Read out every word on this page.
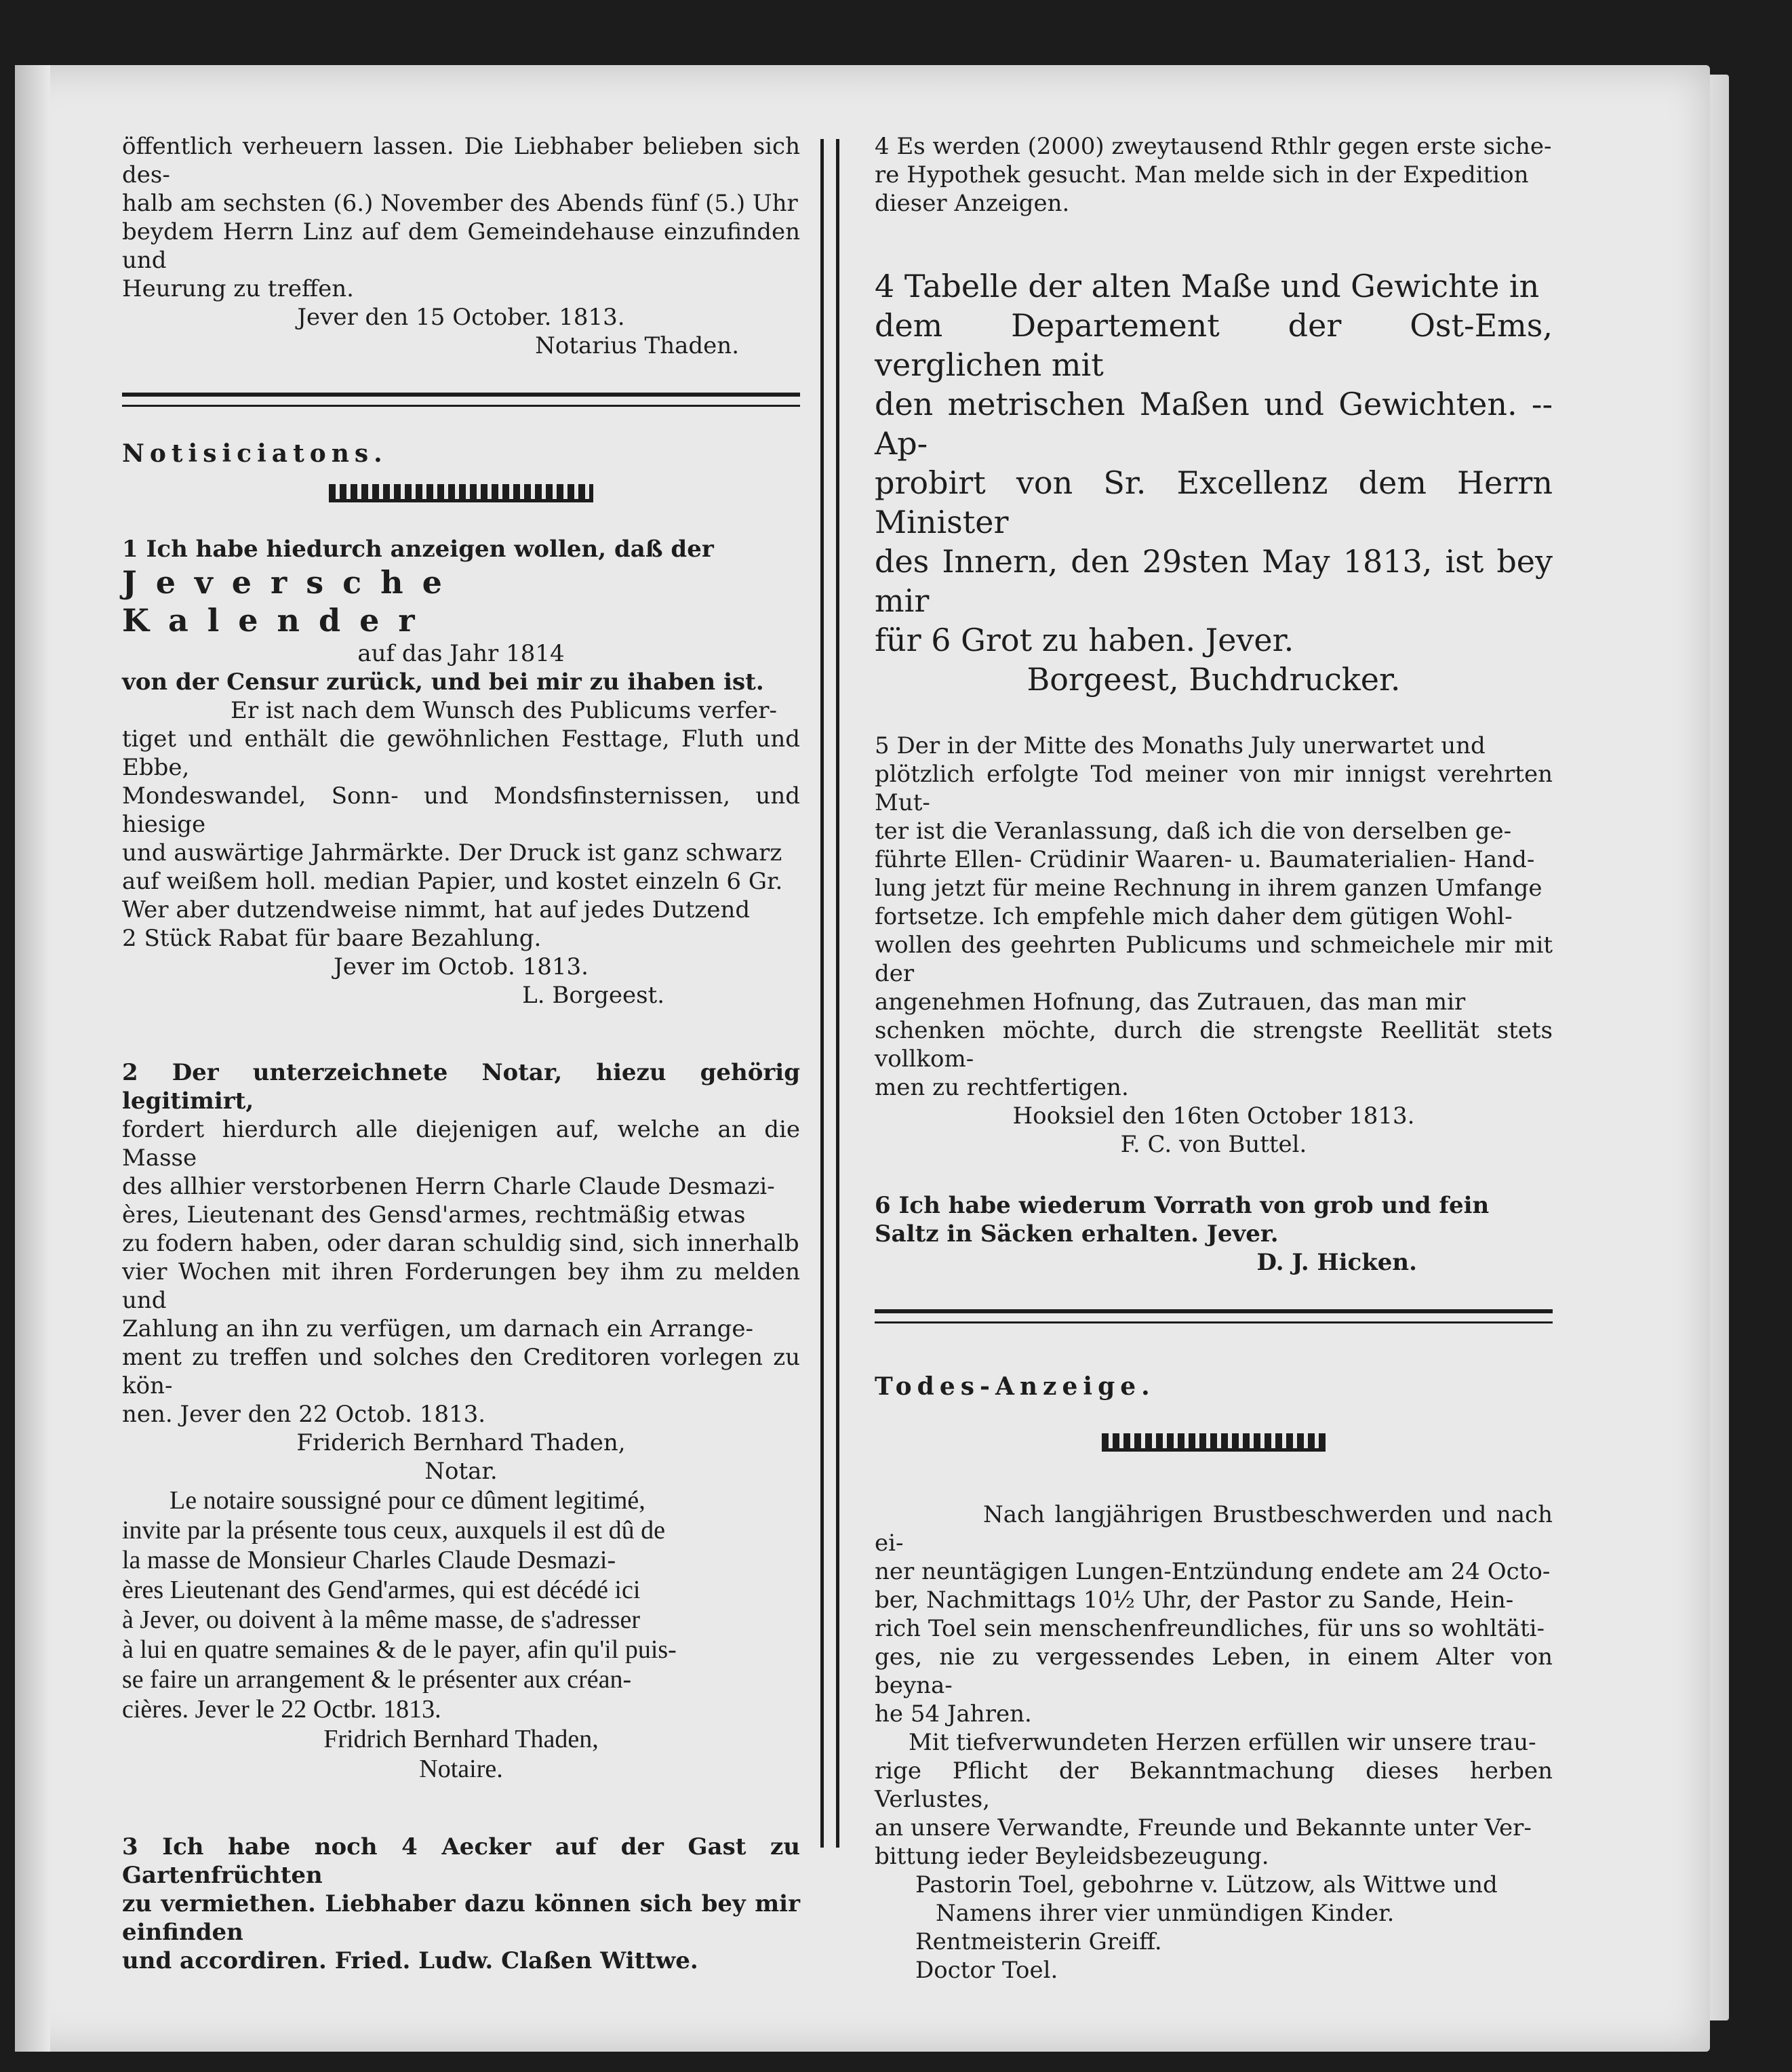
öffentlich verheuern lassen. Die Liebhaber belieben sich des-

halb am sechsten (6.) November des Abends fünf (5.) Uhr

beydem Herrn Linz auf dem Gemeindehause einzufinden und

Heurung zu treffen.

Jever den 15 October. 1813.

Notarius Thaden.

Notisiciatons.

1 Ich habe hiedurch anzeigen wollen, daß der

Jeversche Kalender

auf das Jahr 1814

von der Censur zurück, und bei mir zu ihaben ist.

Er ist nach dem Wunsch des Publicums verfer-

tiget und enthält die gewöhnlichen Festtage, Fluth und Ebbe,

Mondeswandel, Sonn- und Mondsfinsternissen, und hiesige

und auswärtige Jahrmärkte. Der Druck ist ganz schwarz

auf weißem holl. median Papier, und kostet einzeln 6 Gr.

Wer aber dutzendweise nimmt, hat auf jedes Dutzend

2 Stück Rabat für baare Bezahlung.

Jever im Octob. 1813.

L. Borgeest.

2 Der unterzeichnete Notar, hiezu gehörig legitimirt,

fordert hierdurch alle diejenigen auf, welche an die Masse

des allhier verstorbenen Herrn Charle Claude Desmazi-

ères, Lieutenant des Gensd'armes, rechtmäßig etwas

zu fodern haben, oder daran schuldig sind, sich innerhalb

vier Wochen mit ihren Forderungen bey ihm zu melden und

Zahlung an ihn zu verfügen, um darnach ein Arrange-

ment zu treffen und solches den Creditoren vorlegen zu kön-

nen. Jever den 22 Octob. 1813.

Friderich Bernhard Thaden,

Notar.

Le notaire soussigné pour ce dûment legitimé,

invite par la présente tous ceux, auxquels il est dû de

la masse de Monsieur Charles Claude Desmazi-

ères Lieutenant des Gend'armes, qui est décédé ici

à Jever, ou doivent à la même masse, de s'adresser

à lui en quatre semaines & de le payer, afin qu'il puis-

se faire un arrangement & le présenter aux créan-

cières. Jever le 22 Octbr. 1813.

Fridrich Bernhard Thaden,

Notaire.

3 Ich habe noch 4 Aecker auf der Gast zu Gartenfrüchten

zu vermiethen. Liebhaber dazu können sich bey mir einfinden

und accordiren. Fried. Ludw. Claßen Wittwe.

4 Es werden (2000) zweytausend Rthlr gegen erste siche-

re Hypothek gesucht. Man melde sich in der Expedition

dieser Anzeigen.

4 Tabelle der alten Maße und Gewichte in

dem Departement der Ost-Ems, verglichen mit

den metrischen Maßen und Gewichten. -- Ap-

probirt von Sr. Excellenz dem Herrn Minister

des Innern, den 29sten May 1813, ist bey mir

für 6 Grot zu haben. Jever.

Borgeest, Buchdrucker.

5 Der in der Mitte des Monaths July unerwartet und

plötzlich erfolgte Tod meiner von mir innigst verehrten Mut-

ter ist die Veranlassung, daß ich die von derselben ge-

führte Ellen- Crüdinir Waaren- u. Baumaterialien- Hand-

lung jetzt für meine Rechnung in ihrem ganzen Umfange

fortsetze. Ich empfehle mich daher dem gütigen Wohl-

wollen des geehrten Publicums und schmeichele mir mit der

angenehmen Hofnung, das Zutrauen, das man mir

schenken möchte, durch die strengste Reellität stets vollkom-

men zu rechtfertigen.

Hooksiel den 16ten October 1813.

F. C. von Buttel.

6 Ich habe wiederum Vorrath von grob und fein

Saltz in Säcken erhalten. Jever.

D. J. Hicken.

Todes-Anzeige.

Nach langjährigen Brustbeschwerden und nach ei-

ner neuntägigen Lungen-Entzündung endete am 24 Octo-

ber, Nachmittags 10½ Uhr, der Pastor zu Sande, Hein-

rich Toel sein menschenfreundliches, für uns so wohltäti-

ges, nie zu vergessendes Leben, in einem Alter von beyna-

he 54 Jahren.

Mit tiefverwundeten Herzen erfüllen wir unsere trau-

rige Pflicht der Bekanntmachung dieses herben Verlustes,

an unsere Verwandte, Freunde und Bekannte unter Ver-

bittung ieder Beyleidsbezeugung.

Pastorin Toel, gebohrne v. Lützow, als Wittwe und

Namens ihrer vier unmündigen Kinder.

Rentmeisterin Greiff.

Doctor Toel.
